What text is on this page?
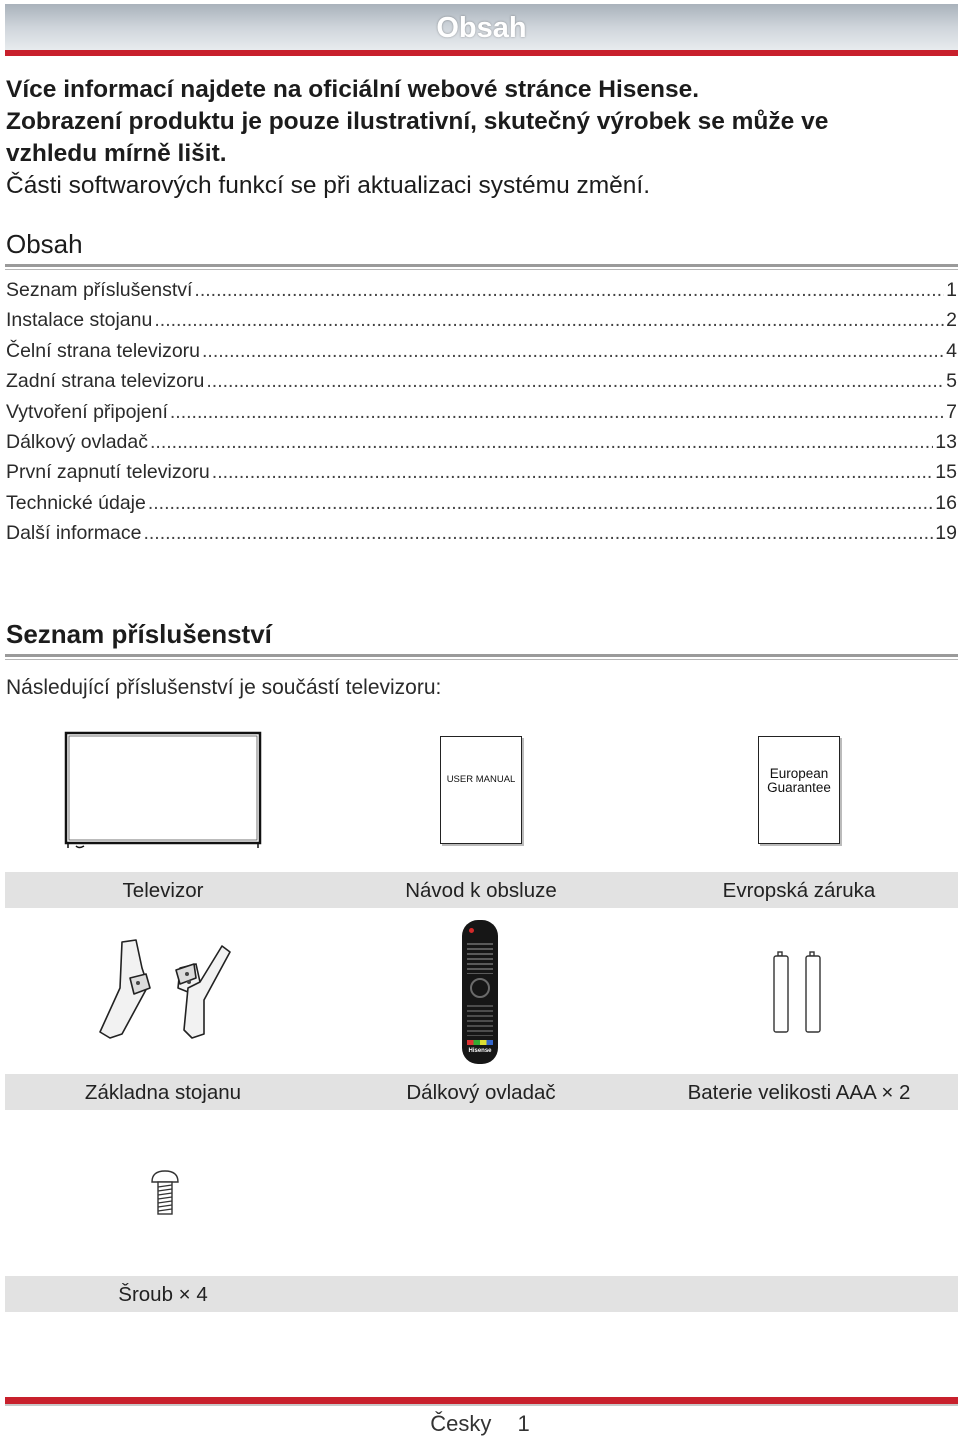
Obsah

Více informací najdete na oficiální webové stránce Hisense.

Zobrazení produktu je pouze ilustrativní, skutečný výrobek se může ve

vzhledu mírně lišit.

Části softwarových funkcí se při aktualizaci systému změní.

Obsah
Seznam příslušenství .....	1
Instalace stojanu .....	2
Čelní strana televizoru .....	4
Zadní strana televizoru .....	5
Vytvoření připojení .....	7
Dálkový ovladač .....	13
První zapnutí televizoru .....	15
Technické údaje .....	16
Další informace .....	19
Seznam příslušenství
Následující příslušenství je součástí televizoru:
USER MANUAL	European
Guarantee
Televizor	Návod k obsluze	Evropská záruka
Hisense
Základna stojanu	Dálkový ovladač	Baterie velikosti AAA × 2
Šroub × 4
Česky 1
